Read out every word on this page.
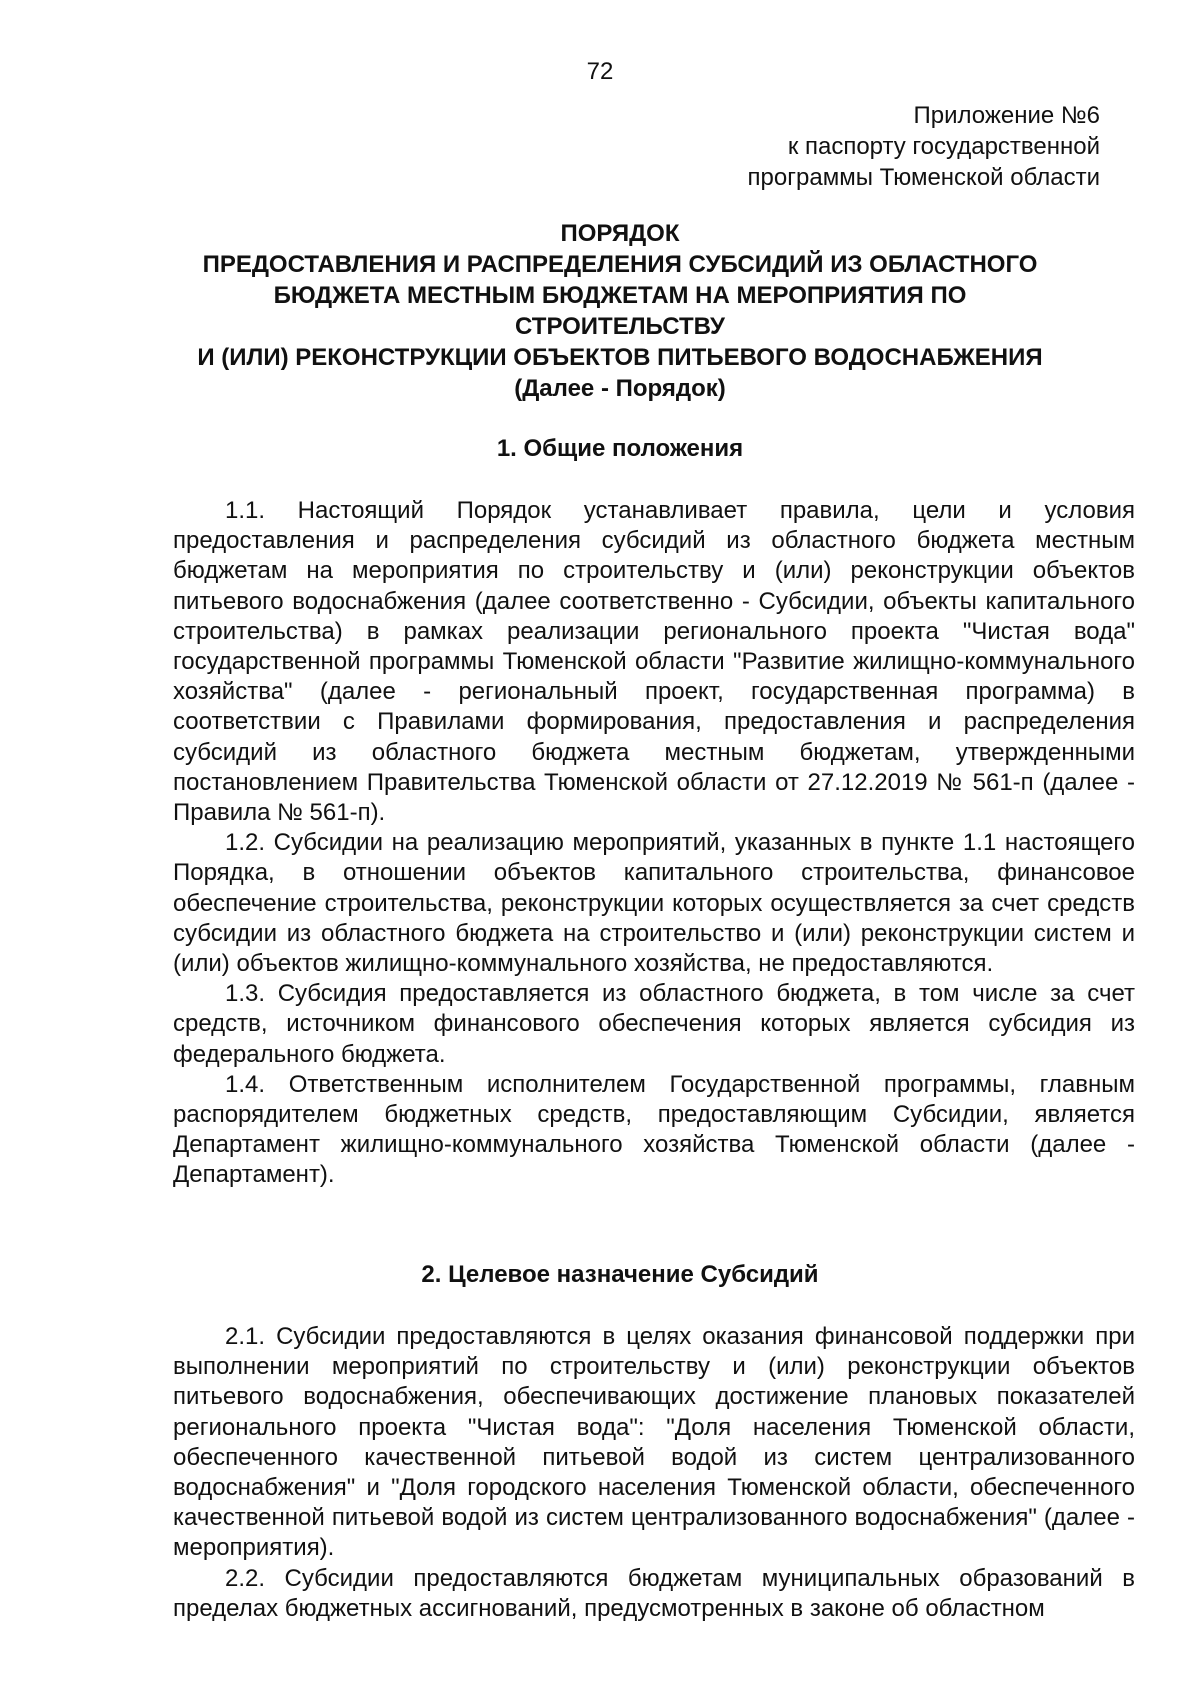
72
Приложение №6
к паспорту государственной
программы Тюменской области
ПОРЯДОК
ПРЕДОСТАВЛЕНИЯ И РАСПРЕДЕЛЕНИЯ СУБСИДИЙ ИЗ ОБЛАСТНОГО
БЮДЖЕТА МЕСТНЫМ БЮДЖЕТАМ НА МЕРОПРИЯТИЯ ПО
СТРОИТЕЛЬСТВУ
И (ИЛИ) РЕКОНСТРУКЦИИ ОБЪЕКТОВ ПИТЬЕВОГО ВОДОСНАБЖЕНИЯ
(Далее - Порядок)
1. Общие положения

1.1. Настоящий Порядок устанавливает правила, цели и условия предоставления и распределения субсидий из областного бюджета местным бюджетам на мероприятия по строительству и (или) реконструкции объектов питьевого водоснабжения (далее соответственно - Субсидии, объекты капитального строительства) в рамках реализации регионального проекта "Чистая вода" государственной программы Тюменской области "Развитие жилищно-коммунального хозяйства" (далее - региональный проект, государственная программа) в соответствии с Правилами формирования, предоставления и распределения субсидий из областного бюджета местным бюджетам, утвержденными постановлением Правительства Тюменской области от 27.12.2019 № 561-п (далее - Правила № 561-п).

1.2. Субсидии на реализацию мероприятий, указанных в пункте 1.1 настоящего Порядка, в отношении объектов капитального строительства, финансовое обеспечение строительства, реконструкции которых осуществляется за счет средств субсидии из областного бюджета на строительство и (или) реконструкции систем и (или) объектов жилищно-коммунального хозяйства, не предоставляются.

1.3. Субсидия предоставляется из областного бюджета, в том числе за счет средств, источником финансового обеспечения которых является субсидия из федерального бюджета.

1.4. Ответственным исполнителем Государственной программы, главным распорядителем бюджетных средств, предоставляющим Субсидии, является Департамент жилищно-коммунального хозяйства Тюменской области (далее - Департамент).

2. Целевое назначение Субсидий

2.1. Субсидии предоставляются в целях оказания финансовой поддержки при выполнении мероприятий по строительству и (или) реконструкции объектов питьевого водоснабжения, обеспечивающих достижение плановых показателей регионального проекта "Чистая вода": "Доля населения Тюменской области, обеспеченного качественной питьевой водой из систем централизованного водоснабжения" и "Доля городского населения Тюменской области, обеспеченного качественной питьевой водой из систем централизованного водоснабжения" (далее - мероприятия).

2.2. Субсидии предоставляются бюджетам муниципальных образований в пределах бюджетных ассигнований, предусмотренных в законе об областном
